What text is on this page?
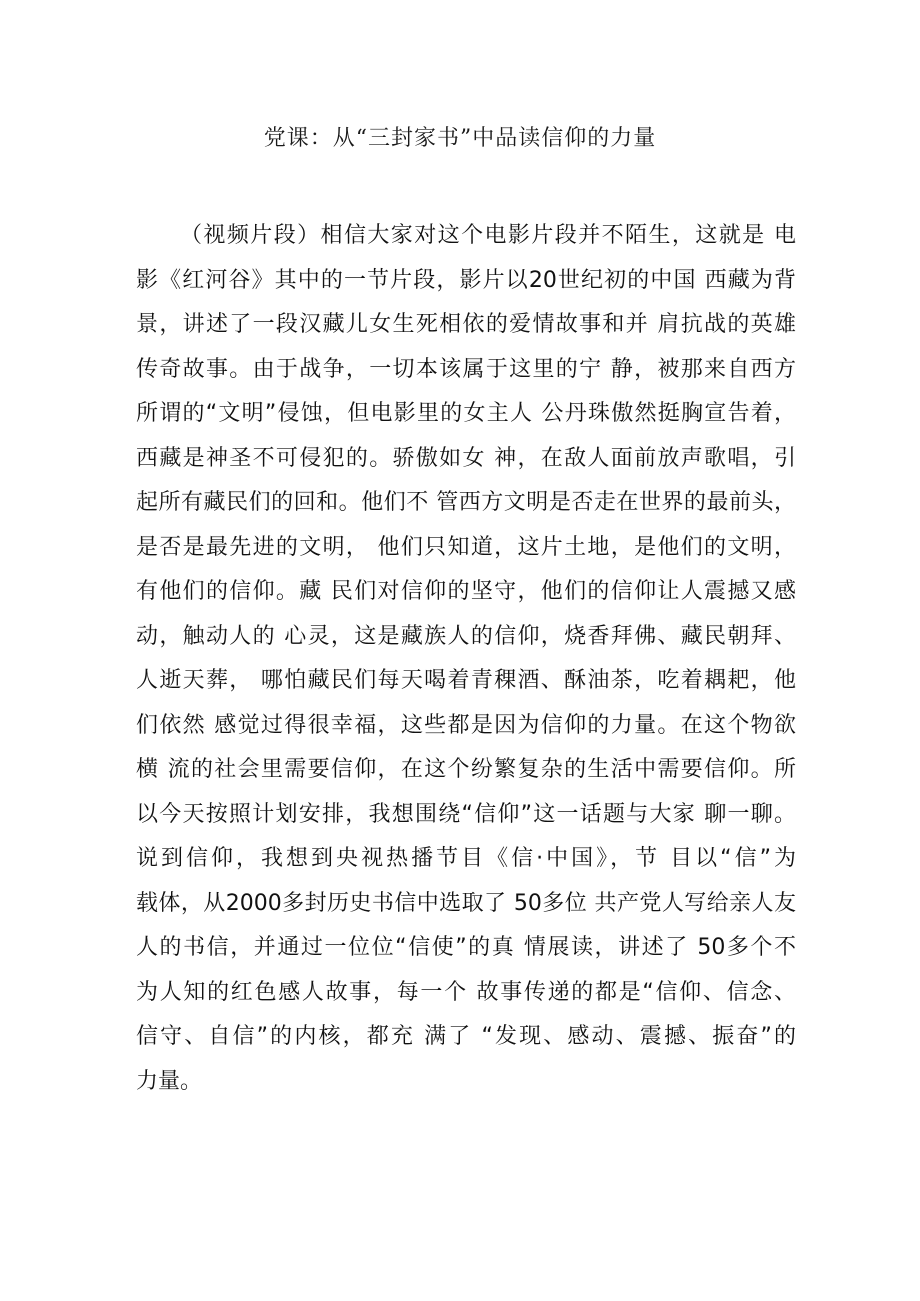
党课：从“三封家书”中品读信仰的力量
（视频片段）相信大家对这个电影片段并不陌生，这就是 电
影《红河谷》其中的一节片段，影片以20世纪初的中国 西藏为背
景，讲述了一段汉藏儿女生死相依的爱情故事和并 肩抗战的英雄
传奇故事。由于战争，一切本该属于这里的宁 静，被那来自西方
所谓的“文明”侵蚀，但电影里的女主人 公丹珠傲然挺胸宣告着，
西藏是神圣不可侵犯的。骄傲如女 神，在敌人面前放声歌唱，引
起所有藏民们的回和。他们不 管西方文明是否走在世界的最前头，
是否是最先进的文明， 他们只知道，这片土地，是他们的文明，
有他们的信仰。藏 民们对信仰的坚守，他们的信仰让人震撼又感
动，触动人的 心灵，这是藏族人的信仰，烧香拜佛、藏民朝拜、
人逝天葬， 哪怕藏民们每天喝着青稞酒、酥油茶，吃着耦耙，他
们依然 感觉过得很幸福，这些都是因为信仰的力量。在这个物欲
横 流的社会里需要信仰，在这个纷繁复杂的生活中需要信仰。所
以今天按照计划安排，我想围绕“信仰”这一话题与大家 聊一聊。
说到信仰，我想到央视热播节目《信·中国》，节 目以“信”为
载体，从2000多封历史书信中选取了 50多位 共产党人写给亲人友
人的书信，并通过一位位“信使”的真 情展读，讲述了 50多个不
为人知的红色感人故事，每一个 故事传递的都是“信仰、信念、
信守、自信”的内核，都充 满了 “发现、感动、震撼、振奋”的
力量。
